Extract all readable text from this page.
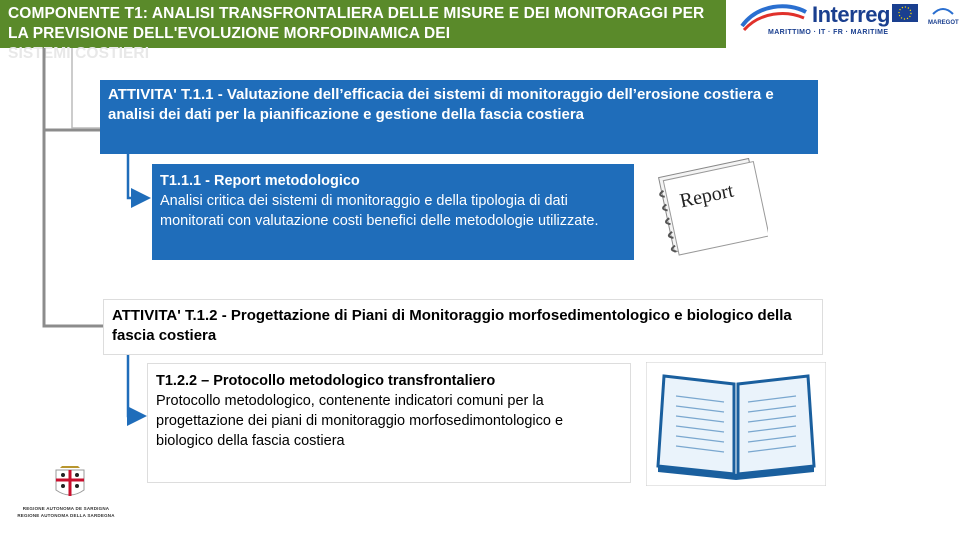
COMPONENTE T1: ANALISI TRANSFRONTALIERA DELLE MISURE E DEI MONITORAGGI PER LA PREVISIONE DELL'EVOLUZIONE MORFODINAMICA DEI
SISTEMI COSTIERI
Interreg
MARITTIMO · IT · FR · MARITIME
MAREGOT
ATTIVITA' T.1.1 - Valutazione dell’efficacia dei sistemi di monitoraggio dell’erosione costiera e analisi dei dati per la pianificazione e gestione della fascia costiera
T1.1.1 - Report metodologico
Analisi critica dei sistemi di monitoraggio e della tipologia di dati monitorati con valutazione costi benefici delle metodologie utilizzate.
Report
ATTIVITA' T.1.2 - Progettazione di Piani di Monitoraggio morfosedimentologico e biologico della fascia costiera
T1.2.2 – Protocollo metodologico transfrontaliero
Protocollo metodologico, contenente indicatori comuni per la progettazione dei piani di monitoraggio morfosedimontologico e biologico della fascia costiera
REGIONE AUTONOMA DE SARDIGNA
REGIONE AUTONOMA DELLA SARDEGNA
